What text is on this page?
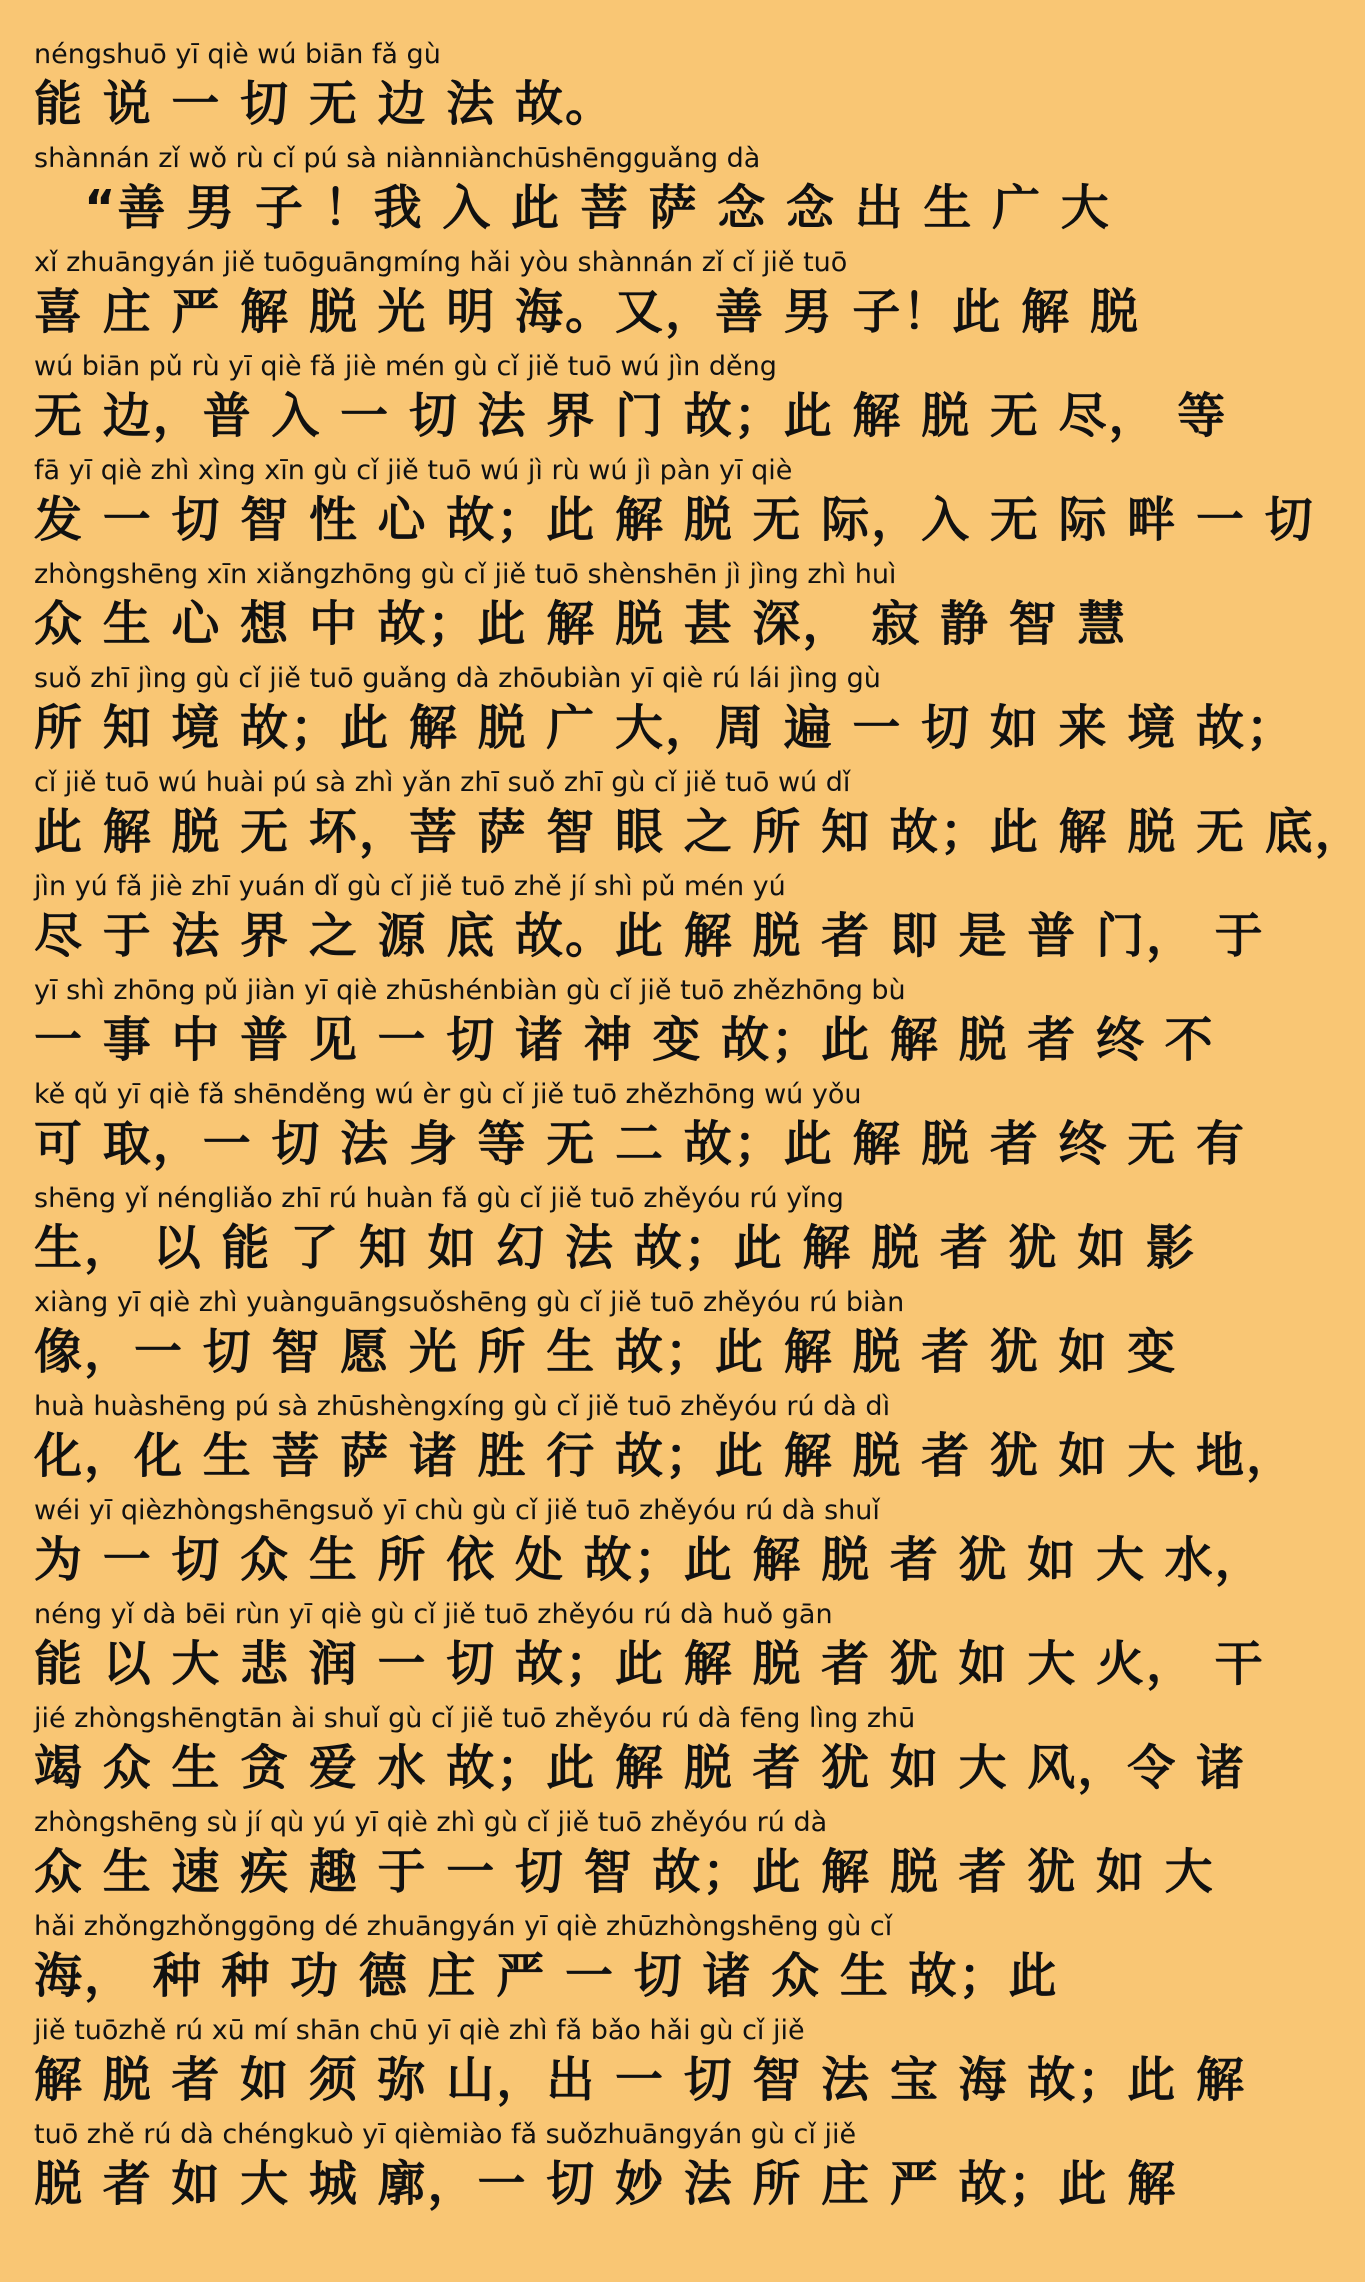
néngshuō yī qiè wú biān fǎ gù
能 说 一 切 无 边 法 故。
shànnán zǐ wǒ rù cǐ pú sà niànniànchūshēngguǎng dà
　“善 男 子 ！我 入 此 菩 萨 念 念 出 生 广 大
xǐ zhuāngyán jiě tuōguāngmíng hǎi yòu shànnán zǐ cǐ jiě tuō
喜 庄 严 解 脱 光 明 海。又，善 男 子！此 解 脱
wú biān pǔ rù yī qiè fǎ jiè mén gù cǐ jiě tuō wú jìn děng
无 边，普 入 一 切 法 界 门 故；此 解 脱 无 尽， 等
fā yī qiè zhì xìng xīn gù cǐ jiě tuō wú jì rù wú jì pàn yī qiè
发 一 切 智 性 心 故；此 解 脱 无 际，入 无 际 畔 一 切
zhòngshēng xīn xiǎngzhōng gù cǐ jiě tuō shènshēn jì jìng zhì huì
众 生 心 想 中 故；此 解 脱 甚 深， 寂 静 智 慧
suǒ zhī jìng gù cǐ jiě tuō guǎng dà zhōubiàn yī qiè rú lái jìng gù
所 知 境 故；此 解 脱 广 大，周 遍 一 切 如 来 境 故；
cǐ jiě tuō wú huài pú sà zhì yǎn zhī suǒ zhī gù cǐ jiě tuō wú dǐ
此 解 脱 无 坏，菩 萨 智 眼 之 所 知 故；此 解 脱 无 底，
jìn yú fǎ jiè zhī yuán dǐ gù cǐ jiě tuō zhě jí shì pǔ mén yú
尽 于 法 界 之 源 底 故。此 解 脱 者 即 是 普 门， 于
yī shì zhōng pǔ jiàn yī qiè zhūshénbiàn gù cǐ jiě tuō zhězhōng bù
一 事 中 普 见 一 切 诸 神 变 故；此 解 脱 者 终 不
kě qǔ yī qiè fǎ shēnděng wú èr gù cǐ jiě tuō zhězhōng wú yǒu
可 取，一 切 法 身 等 无 二 故；此 解 脱 者 终 无 有
shēng yǐ néngliǎo zhī rú huàn fǎ gù cǐ jiě tuō zhěyóu rú yǐng
生， 以 能 了 知 如 幻 法 故；此 解 脱 者 犹 如 影
xiàng yī qiè zhì yuànguāngsuǒshēng gù cǐ jiě tuō zhěyóu rú biàn
像，一 切 智 愿 光 所 生 故；此 解 脱 者 犹 如 变
huà huàshēng pú sà zhūshèngxíng gù cǐ jiě tuō zhěyóu rú dà dì
化，化 生 菩 萨 诸 胜 行 故；此 解 脱 者 犹 如 大 地，
wéi yī qièzhòngshēngsuǒ yī chù gù cǐ jiě tuō zhěyóu rú dà shuǐ
为 一 切 众 生 所 依 处 故；此 解 脱 者 犹 如 大 水，
néng yǐ dà bēi rùn yī qiè gù cǐ jiě tuō zhěyóu rú dà huǒ gān
能 以 大 悲 润 一 切 故；此 解 脱 者 犹 如 大 火， 干
jié zhòngshēngtān ài shuǐ gù cǐ jiě tuō zhěyóu rú dà fēng lìng zhū
竭 众 生 贪 爱 水 故；此 解 脱 者 犹 如 大 风，令 诸
zhòngshēng sù jí qù yú yī qiè zhì gù cǐ jiě tuō zhěyóu rú dà
众 生 速 疾 趣 于 一 切 智 故；此 解 脱 者 犹 如 大
hǎi zhǒngzhǒnggōng dé zhuāngyán yī qiè zhūzhòngshēng gù cǐ
海， 种 种 功 德 庄 严 一 切 诸 众 生 故；此
jiě tuōzhě rú xū mí shān chū yī qiè zhì fǎ bǎo hǎi gù cǐ jiě
解 脱 者 如 须 弥 山，出 一 切 智 法 宝 海 故；此 解
tuō zhě rú dà chéngkuò yī qièmiào fǎ suǒzhuāngyán gù cǐ jiě
脱 者 如 大 城 廓，一 切 妙 法 所 庄 严 故；此 解
